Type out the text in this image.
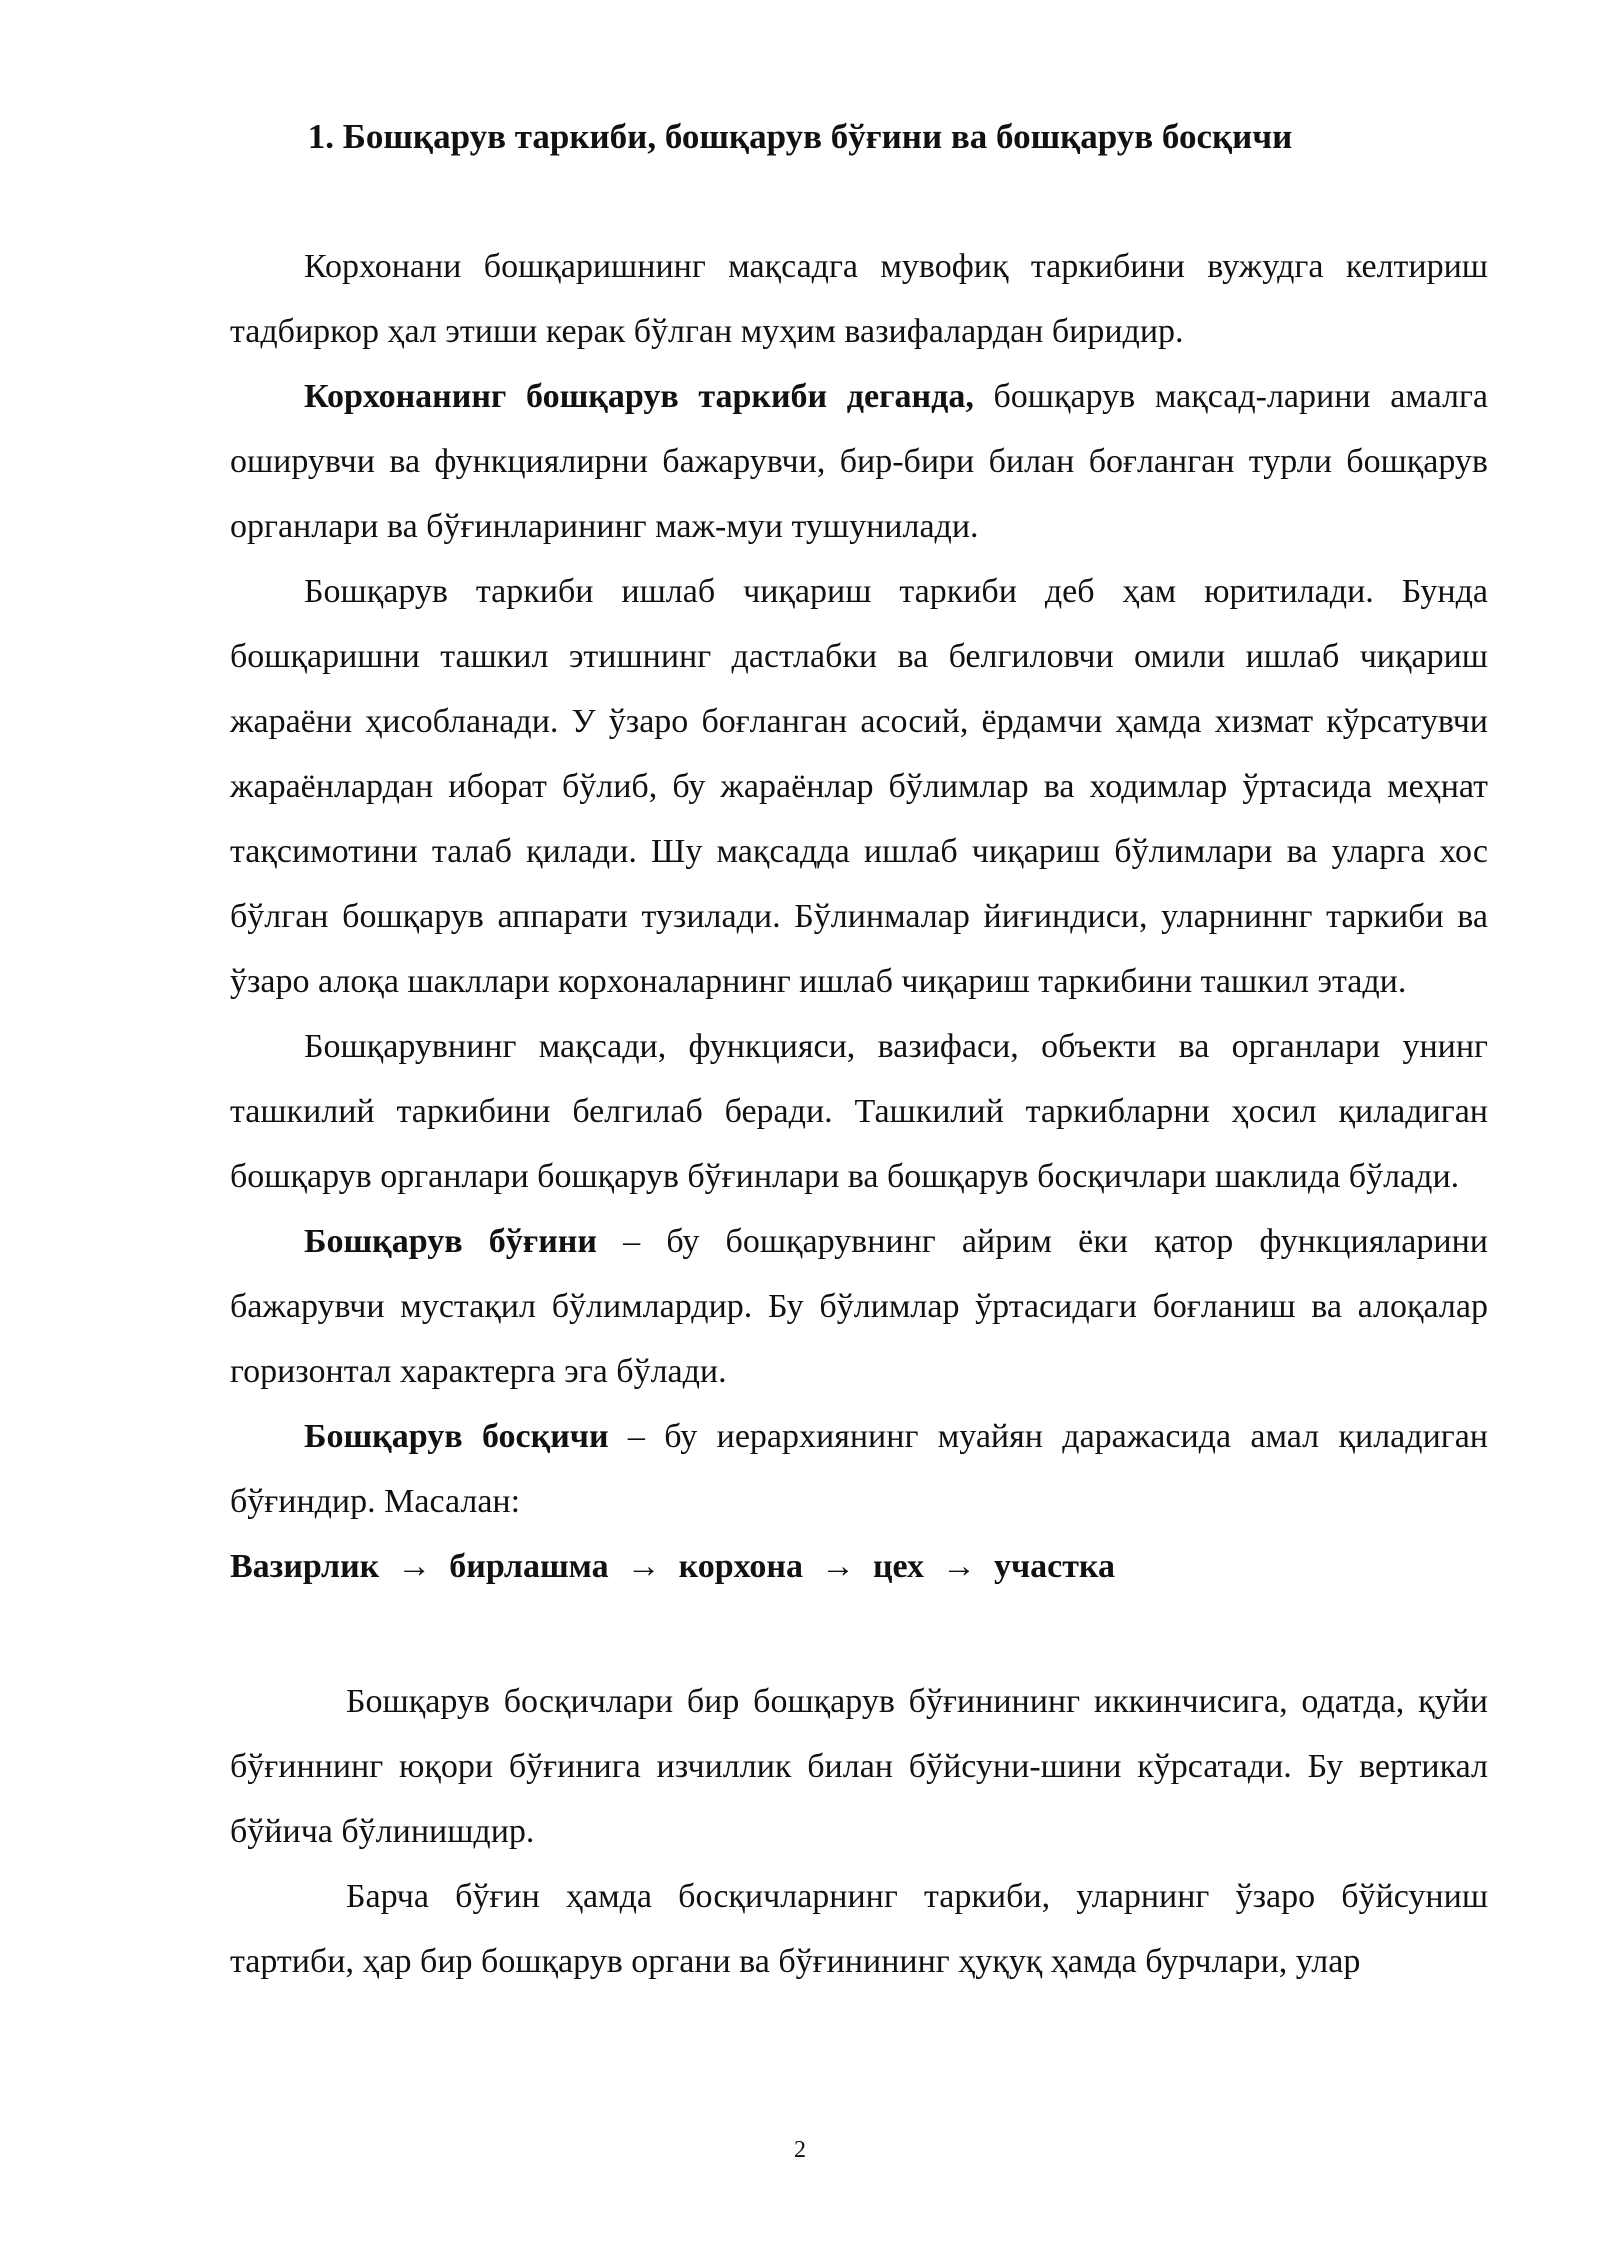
1. Бошқарув таркиби, бошқарув бўғини ва бошқарув босқичи

Корхонани бошқаришнинг мақсадга мувофиқ таркибини вужудга келтириш тадбиркор ҳал этиши керак бўлган муҳим вазифалардан биридир.

Корхонанинг бошқарув таркиби деганда, бошқарув мақсад-ларини амалга оширувчи ва функциялирни бажарувчи, бир-бири билан боғланган турли бошқарув органлари ва бўғинларининг маж-муи тушунилади.

Бошқарув таркиби ишлаб чиқариш таркиби деб ҳам юритилади. Бунда бошқаришни ташкил этишнинг дастлабки ва белгиловчи омили ишлаб чиқариш жараёни ҳисобланади. У ўзаро боғланган асосий, ёрдамчи ҳамда хизмат кўрсатувчи жараёнлардан иборат бўлиб, бу жараёнлар бўлимлар ва ходимлар ўртасида меҳнат тақсимотини талаб қилади. Шу мақсадда ишлаб чиқариш бўлимлари ва уларга хос бўлган бошқарув аппарати тузилади. Бўлинмалар йиғиндиси, уларниннг таркиби ва ўзаро алоқа шакллари корхоналарнинг ишлаб чиқариш таркибини ташкил этади.

Бошқарувнинг мақсади, функцияси, вазифаси, объекти ва органлари унинг ташкилий таркибини белгилаб беради. Ташкилий таркибларни ҳосил қиладиган бошқарув органлари бошқарув бўғинлари ва бошқарув босқичлари шаклида бўлади.

Бошқарув бўғини – бу бошқарувнинг айрим ёки қатор функцияларини бажарувчи мустақил бўлимлардир. Бу бўлимлар ўртасидаги боғланиш ва алоқалар горизонтал характерга эга бўлади.

Бошқарув босқичи – бу иерархиянинг муайян даражасида амал қиладиган бўғиндир. Масалан:

Вазирлик → бирлашма → корхона → цех → участка

Бошқарув босқичлари бир бошқарув бўғинининг иккинчисига, одатда, қуйи бўғиннинг юқори бўғинига изчиллик билан бўйсуни-шини кўрсатади. Бу вертикал бўйича бўлинишдир.

Барча бўғин ҳамда босқичларнинг таркиби, уларнинг ўзаро бўйсуниш тартиби, ҳар бир бошқарув органи ва бўғинининг ҳуқуқ ҳамда бурчлари, улар

2
